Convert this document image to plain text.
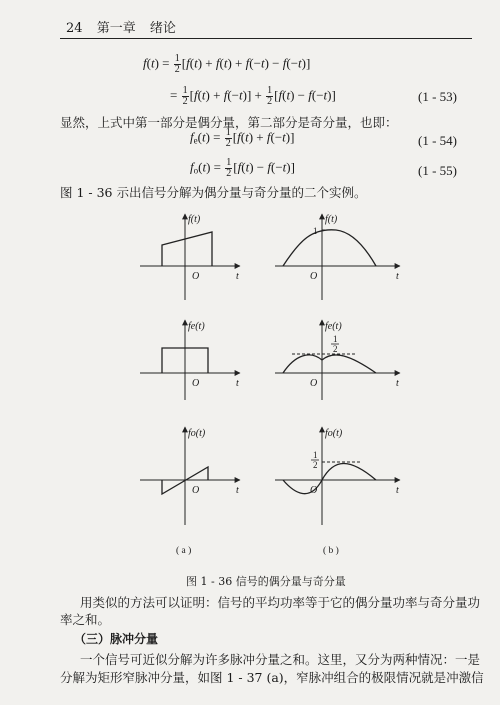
24 第一章 绪论
$f(t) = \frac{1}{2} [f(t) + f(t) + f(-t) - f(-t)]$
= $\frac{1}{2} [f(t) + f(-t)] + \frac{1}{2} [f(t) - f(-t)]$	(1 - 53)
显然，上式中第一部分是偶分量，第二部分是奇分量，也即：
$f_e(t) = \frac{1}{2} [f(t) + f(-t)]$	(1 - 54)
$f_o(t) = \frac{1}{2} [f(t) - f(-t)]$	(1 - 55)
图 1 - 36 示出信号分解为偶分量与奇分量的二个实例。
f(t)
fe(t)
fo(t)
O
O
O
t
t
t
f(t)
fe(t)
fo(t)
O
O
O
t
t
t
1
1
2
1
2
( a )	( b )
图 1 - 36 信号的偶分量与奇分量
用类似的方法可以证明：信号的平均功率等于它的偶分量功率与奇分量功
率之和。
（三）脉冲分量
一个信号可近似分解为许多脉冲分量之和。这里，又分为两种情况：一是
分解为矩形窄脉冲分量，如图 1 - 37 (a)，窄脉冲组合的极限情况就是冲激信
